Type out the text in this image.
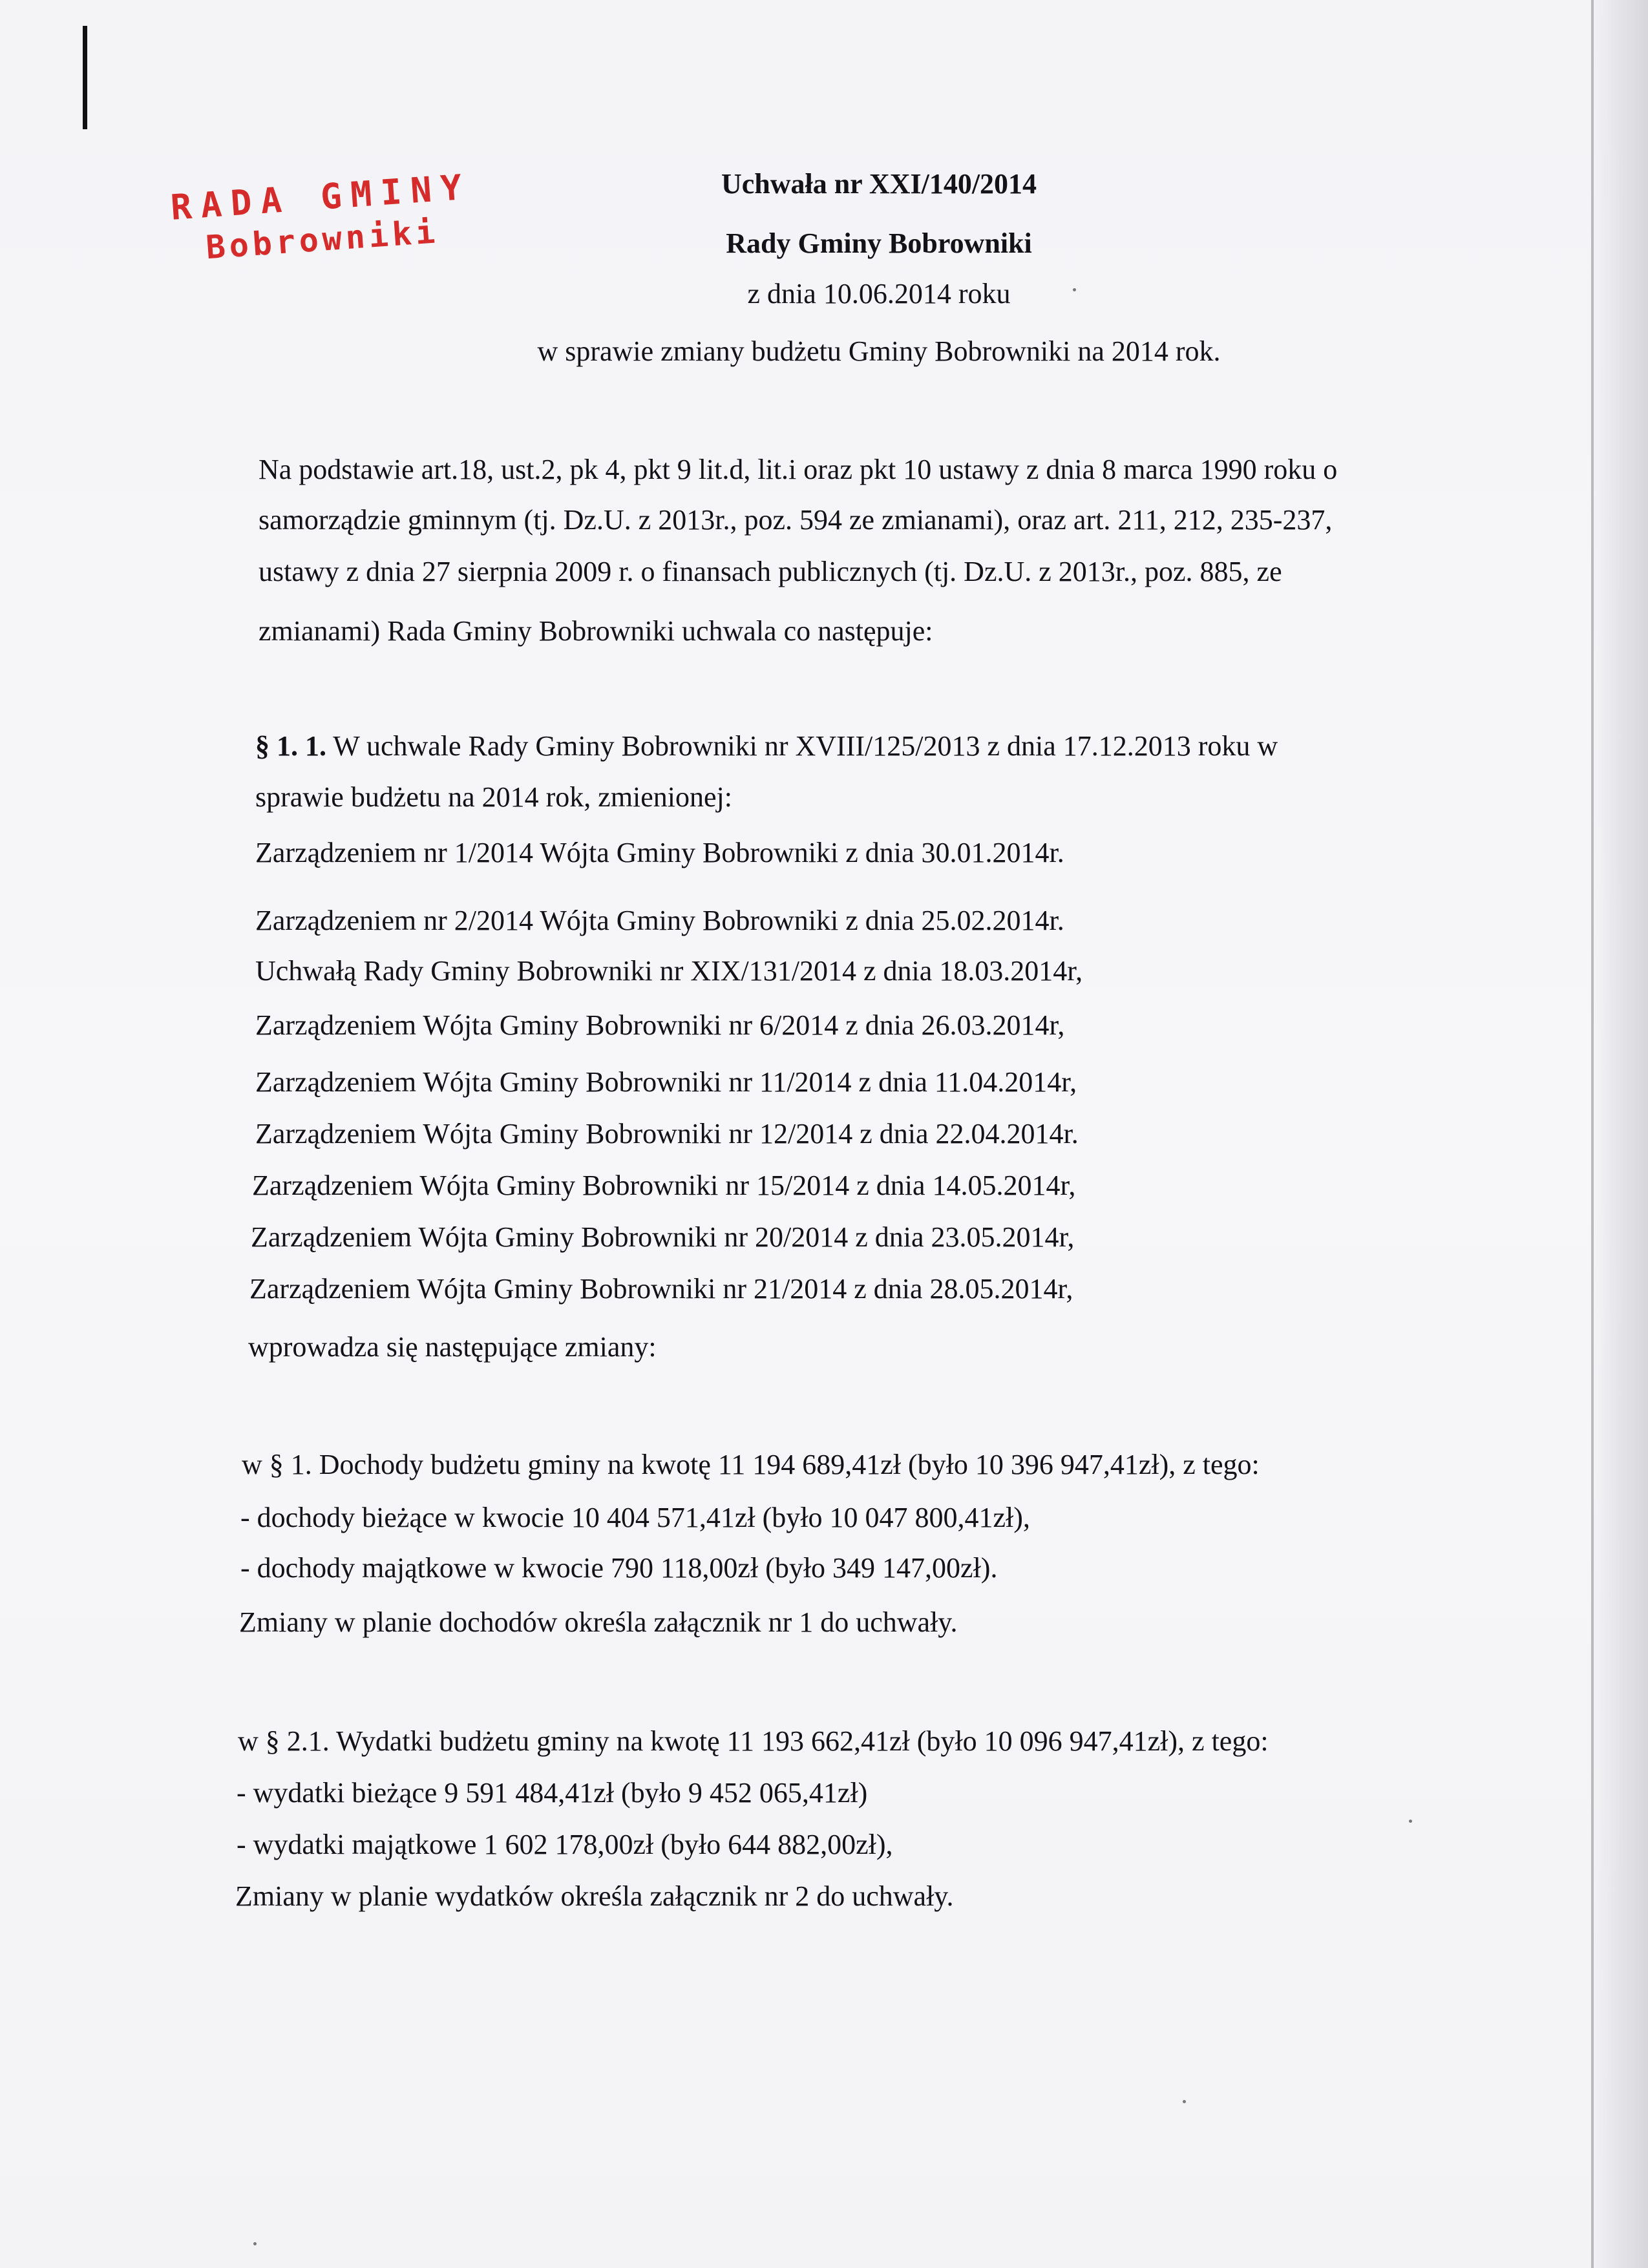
RADA GMINY
Bobrowniki
Uchwała nr XXI/140/2014
Rady Gminy Bobrowniki
z dnia 10.06.2014 roku
w sprawie zmiany budżetu Gminy Bobrowniki na 2014 rok.
Na podstawie art.18, ust.2, pk 4, pkt 9 lit.d, lit.i oraz pkt 10 ustawy z dnia 8 marca 1990 roku o
samorządzie gminnym (tj. Dz.U. z 2013r., poz. 594 ze zmianami), oraz art. 211, 212, 235-237,
ustawy z dnia 27 sierpnia 2009 r. o finansach publicznych (tj. Dz.U. z 2013r., poz. 885, ze
zmianami) Rada Gminy Bobrowniki uchwala co następuje:
§ 1. 1. W uchwale Rady Gminy Bobrowniki nr XVIII/125/2013 z dnia 17.12.2013 roku w
sprawie budżetu na 2014 rok, zmienionej:
Zarządzeniem nr 1/2014 Wójta Gminy Bobrowniki z dnia 30.01.2014r.
Zarządzeniem nr 2/2014 Wójta Gminy Bobrowniki z dnia 25.02.2014r.
Uchwałą Rady Gminy Bobrowniki nr XIX/131/2014 z dnia 18.03.2014r,
Zarządzeniem Wójta Gminy Bobrowniki nr 6/2014 z dnia 26.03.2014r,
Zarządzeniem Wójta Gminy Bobrowniki nr 11/2014 z dnia 11.04.2014r,
Zarządzeniem Wójta Gminy Bobrowniki nr 12/2014 z dnia 22.04.2014r.
Zarządzeniem Wójta Gminy Bobrowniki nr 15/2014 z dnia 14.05.2014r,
Zarządzeniem Wójta Gminy Bobrowniki nr 20/2014 z dnia 23.05.2014r,
Zarządzeniem Wójta Gminy Bobrowniki nr 21/2014 z dnia 28.05.2014r,
wprowadza się następujące zmiany:
w § 1. Dochody budżetu gminy na kwotę 11 194 689,41zł (było 10 396 947,41zł), z tego:
- dochody bieżące w kwocie 10 404 571,41zł (było 10 047 800,41zł),
- dochody majątkowe w kwocie 790 118,00zł (było 349 147,00zł).
Zmiany w planie dochodów określa załącznik nr 1 do uchwały.
w § 2.1. Wydatki budżetu gminy na kwotę 11 193 662,41zł (było 10 096 947,41zł), z tego:
- wydatki bieżące 9 591 484,41zł (było 9 452 065,41zł)
- wydatki majątkowe 1 602 178,00zł (było 644 882,00zł),
Zmiany w planie wydatków określa załącznik nr 2 do uchwały.
